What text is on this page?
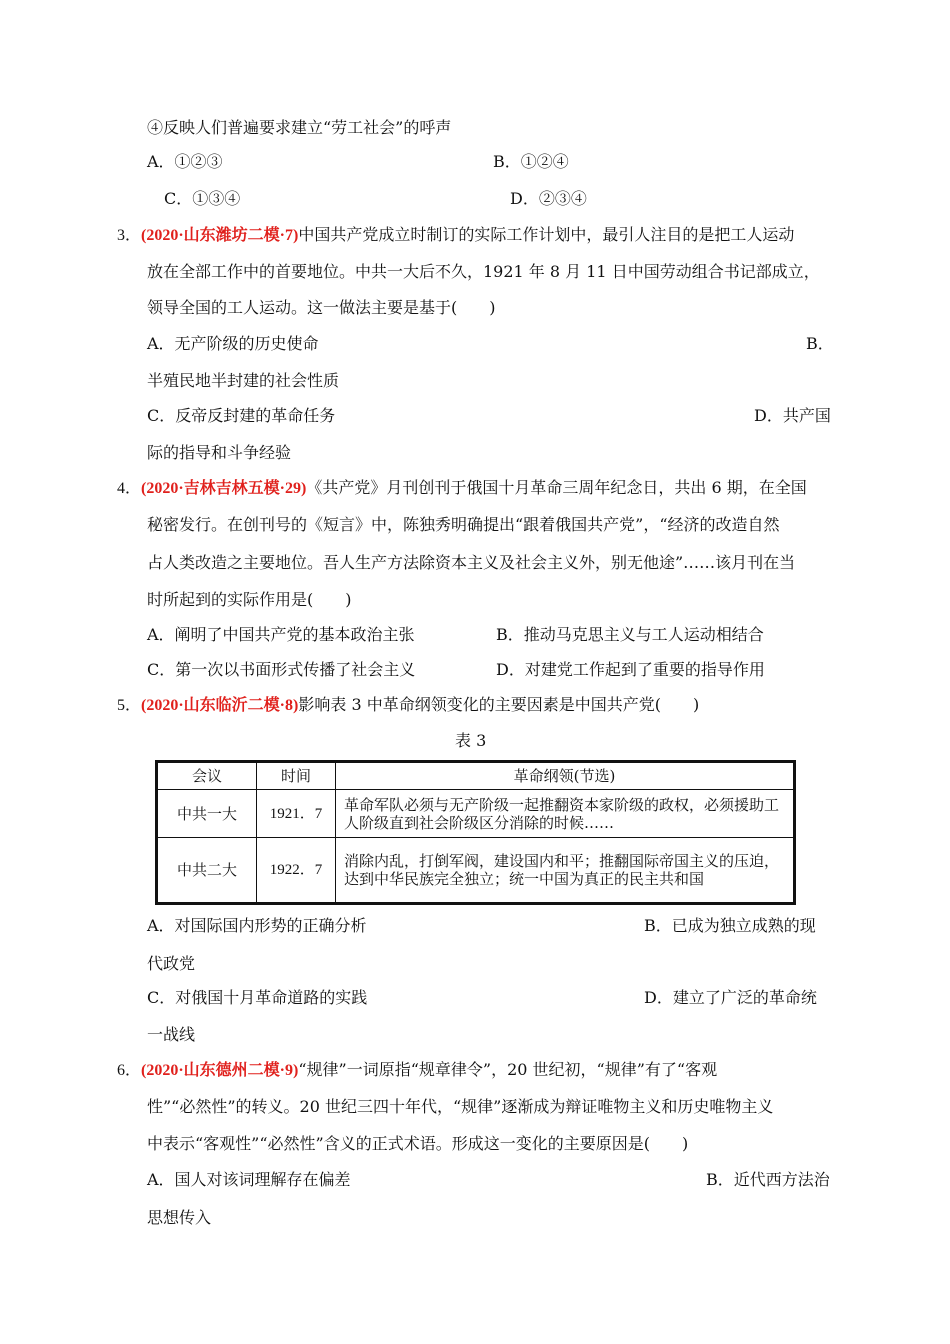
④反映人们普遍要求建立“劳工社会”的呼声
A．①②③	B．①②④
C．①③④	D．②③④
3．(2020·山东潍坊二模·7)中国共产党成立时制订的实际工作计划中，最引人注目的是把工人运动
放在全部工作中的首要地位。中共一大后不久，1921 年 8 月 11 日中国劳动组合书记部成立，
领导全国的工人运动。这一做法主要是基于(　　)
A．无产阶级的历史使命	B．
半殖民地半封建的社会性质
C．反帝反封建的革命任务	D．共产国
际的指导和斗争经验
4．(2020·吉林吉林五模·29)《共产党》月刊创刊于俄国十月革命三周年纪念日，共出 6 期，在全国
秘密发行。在创刊号的《短言》中，陈独秀明确提出“跟着俄国共产党”，“经济的改造自然
占人类改造之主要地位。吾人生产方法除资本主义及社会主义外，别无他途”……该月刊在当
时所起到的实际作用是(　　)
A．阐明了中国共产党的基本政治主张	B．推动马克思主义与工人运动相结合
C．第一次以书面形式传播了社会主义	D．对建党工作起到了重要的指导作用
5．(2020·山东临沂二模·8)影响表 3 中革命纲领变化的主要因素是中国共产党(　　)
表 3
会议	时间	革命纲领(节选)
中共一大	1921．7	革命军队必须与无产阶级一起推翻资本家阶级的政权，必须援助工人阶级直到社会阶级区分消除的时候……
中共二大	1922．7	消除内乱，打倒军阀，建设国内和平；推翻国际帝国主义的压迫，达到中华民族完全独立；统一中国为真正的民主共和国
A．对国际国内形势的正确分析	B．已成为独立成熟的现
代政党
C．对俄国十月革命道路的实践	D．建立了广泛的革命统
一战线
6．(2020·山东德州二模·9)“规律”一词原指“规章律令”，20 世纪初，“规律”有了“客观
性”“必然性”的转义。20 世纪三四十年代，“规律”逐渐成为辩证唯物主义和历史唯物主义
中表示“客观性”“必然性”含义的正式术语。形成这一变化的主要原因是(　　)
A．国人对该词理解存在偏差	B．近代西方法治
思想传入
